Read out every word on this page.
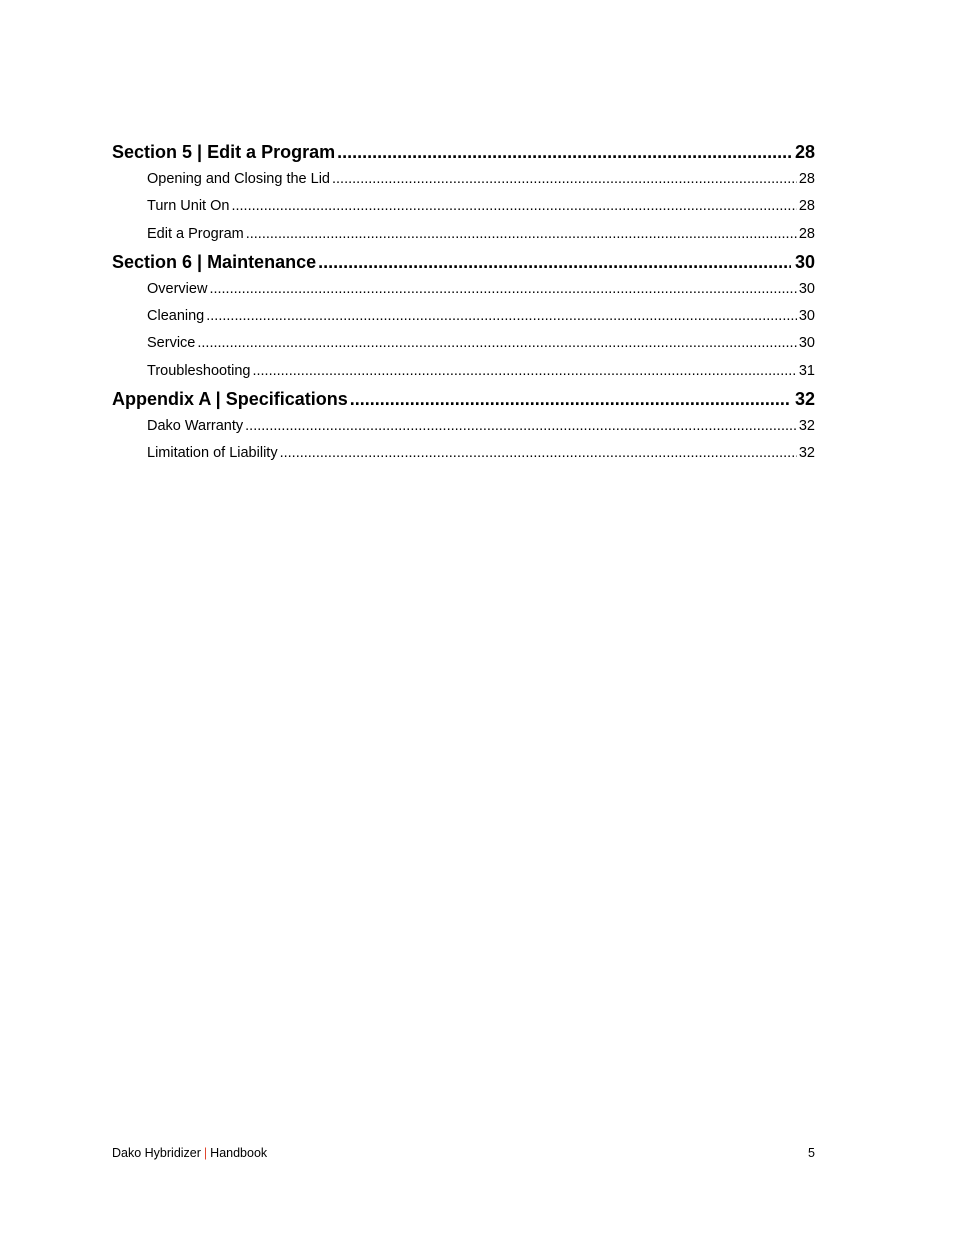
Section 5 | Edit a Program .....	28
Opening and Closing the Lid .....	28
Turn Unit On .....	28
Edit a Program .....	28
Section 6 | Maintenance .....	30
Overview .....	30
Cleaning .....	30
Service .....	30
Troubleshooting .....	31
Appendix A | Specifications .....	32
Dako Warranty .....	32
Limitation of Liability .....	32
Dako Hybridizer | Handbook	5
